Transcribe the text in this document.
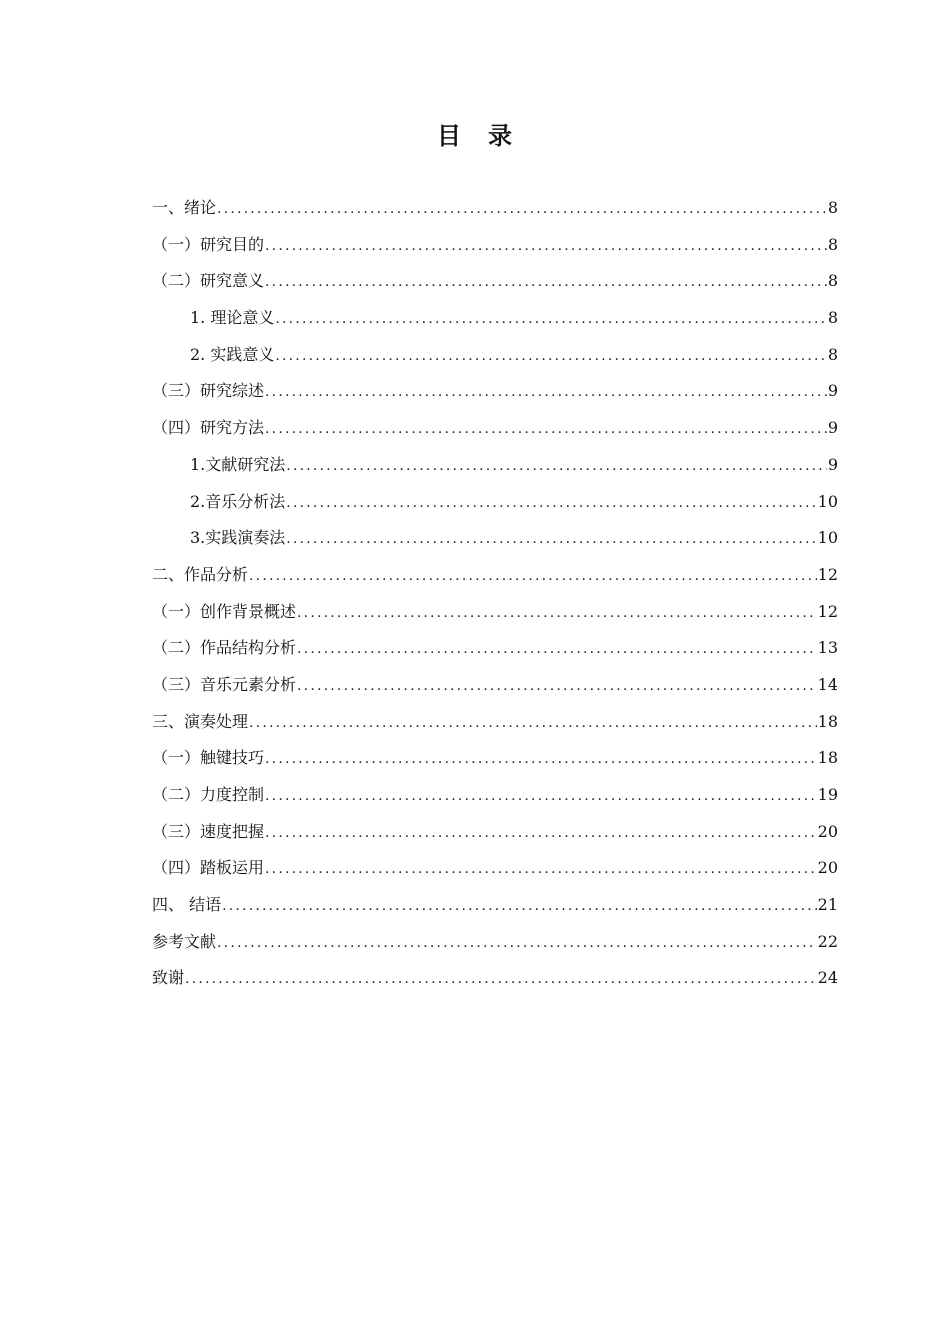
目 录
一、绪论 .....	8
（一）研究目的 .....	8
（二）研究意义 .....	8
1. 理论意义 .....	8
2. 实践意义 .....	8
（三）研究综述 .....	9
（四）研究方法 .....	9
1.文献研究法 .....	9
2.音乐分析法 .....	10
3.实践演奏法 .....	10
二、作品分析 .....	12
（一）创作背景概述 .....	12
（二）作品结构分析 .....	13
（三）音乐元素分析 .....	14
三、演奏处理 .....	18
（一）触键技巧 .....	18
（二）力度控制 .....	19
（三）速度把握 .....	20
（四）踏板运用 .....	20
四、 结语 .....	21
参考文献 .....	22
致谢 .....	24
